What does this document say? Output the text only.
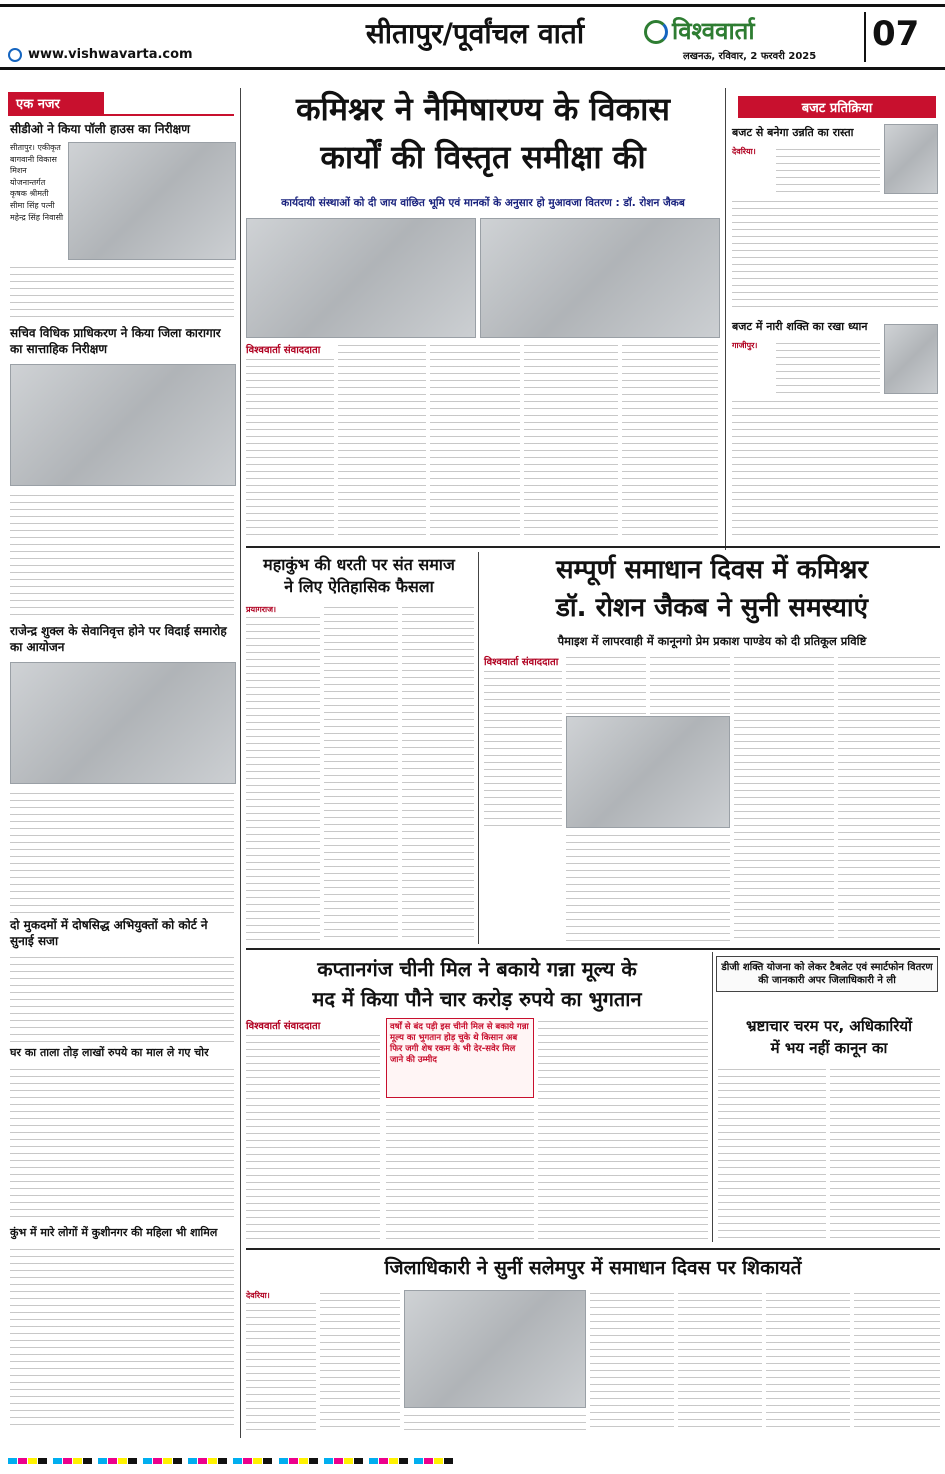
सीतापुर/पूर्वांचल वार्ता
www.vishwavarta.com
विश्ववार्ता
लखनऊ, रविवार, 2 फरवरी 2025
07
एक नजर
सीडीओ ने किया पॉली हाउस का निरीक्षण
सीतापुर। एकीकृत बागवानी विकास मिशन योजनान्तर्गत कृषक श्रीमती सीमा सिंह पत्नी महेन्द्र सिंह निवासी
सचिव विधिक प्राधिकरण ने किया जिला कारागार का सात्ताहिक निरीक्षण
राजेन्द्र शुक्ल के सेवानिवृत्त होने पर विदाई समारोह का आयोजन
दो मुकदमों में दोषसिद्ध अभियुक्तों को कोर्ट ने सुनाई सजा
घर का ताला तोड़ लाखों रुपये का माल ले गए चोर
कुंभ में मारे लोगों में कुशीनगर की महिला भी शामिल
कमिश्नर ने नैमिषारण्य के विकास
कार्यों की विस्तृत समीक्षा की
कार्यदायी संस्थाओं को दी जाय वांछित भूमि एवं मानकों के अनुसार हो मुआवजा वितरण : डॉ. रोशन जैकब
विश्ववार्ता संवाददाता
बजट प्रतिक्रिया
बजट से बनेगा उन्नति का रास्ता
देवरिया।
बजट में नारी शक्ति का रखा ध्यान
गाजीपुर।
महाकुंभ की धरती पर संत समाज
ने लिए ऐतिहासिक फैसला
प्रयागराज।
सम्पूर्ण समाधान दिवस में कमिश्नर
डॉ. रोशन जैकब ने सुनी समस्याएं
पैमाइश में लापरवाही में कानूनगो प्रेम प्रकाश पाण्डेय को दी प्रतिकूल प्रविष्टि
विश्ववार्ता संवाददाता
कप्तानगंज चीनी मिल ने बकाये गन्ना मूल्य के
मद में किया पौने चार करोड़ रुपये का भुगतान
विश्ववार्ता संवाददाता	वर्षों से बंद पड़ी इस चीनी मिल से बकाये गन्ना मूल्य का भुगतान होड़ चुके थे किसान अब फिर जगी शेष रकम के भी देर-सवेर मिल जाने की उम्मीद
डीजी शक्ति योजना को लेकर टैबलेट एवं स्मार्टफोन वितरण की जानकारी अपर जिलाधिकारी ने ली
भ्रष्टाचार चरम पर, अधिकारियों
में भय नहीं कानून का
जिलाधिकारी ने सुनीं सलेमपुर में समाधान दिवस पर शिकायतें
देवरिया।
